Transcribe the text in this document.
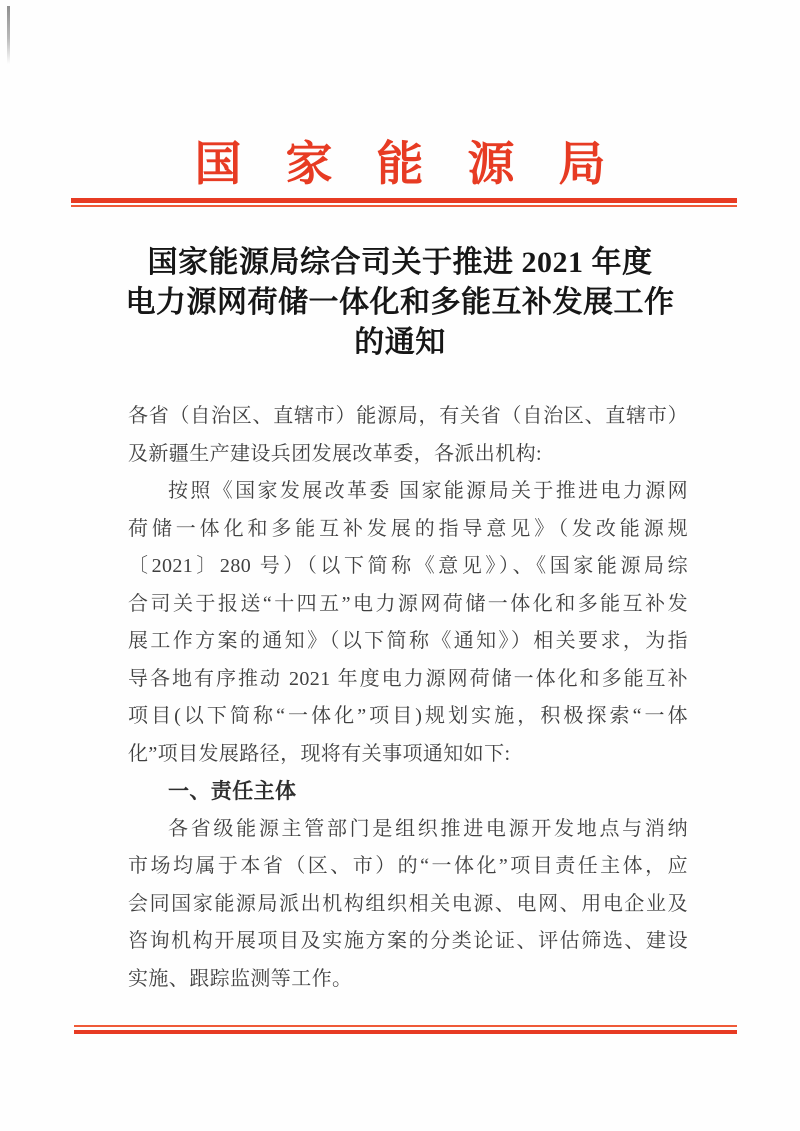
国家能源局
国家能源局综合司关于推进 2021 年度
电力源网荷储一体化和多能互补发展工作
的通知
各省（自治区、直辖市）能源局，有关省（自治区、直辖市）
及新疆生产建设兵团发展改革委，各派出机构:
按照《国家发展改革委 国家能源局关于推进电力源网
荷储一体化和多能互补发展的指导意见》（发改能源规
〔2021〕280 号）（以下简称《意见》）、《国家能源局综
合司关于报送“十四五”电力源网荷储一体化和多能互补发
展工作方案的通知》（以下简称《通知》）相关要求，为指
导各地有序推动 2021 年度电力源网荷储一体化和多能互补
项目(以下简称“一体化”项目)规划实施，积极探索“一体
化”项目发展路径，现将有关事项通知如下:
一、责任主体
各省级能源主管部门是组织推进电源开发地点与消纳
市场均属于本省（区、市）的“一体化”项目责任主体，应
会同国家能源局派出机构组织相关电源、电网、用电企业及
咨询机构开展项目及实施方案的分类论证、评估筛选、建设
实施、跟踪监测等工作。
